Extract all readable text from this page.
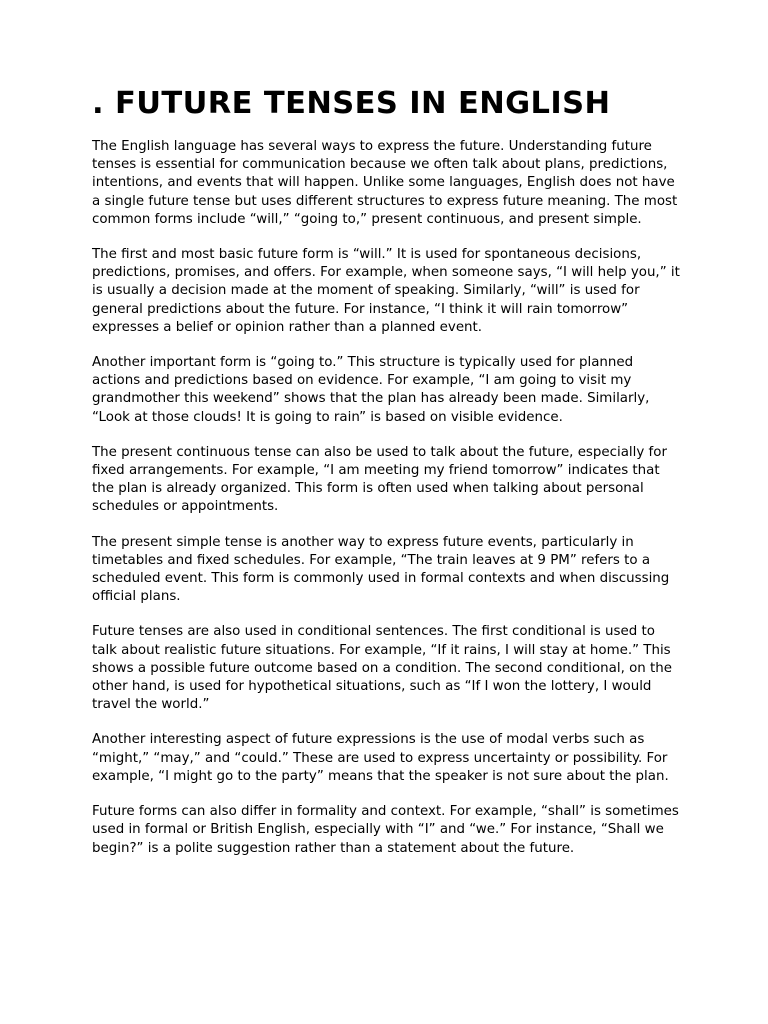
. FUTURE TENSES IN ENGLISH

The English language has several ways to express the future. Understanding future tenses is essential for communication because we often talk about plans, predictions, intentions, and events that will happen. Unlike some languages, English does not have a single future tense but uses different structures to express future meaning. The most common forms include “will,” “going to,” present continuous, and present simple.

The first and most basic future form is “will.” It is used for spontaneous decisions, predictions, promises, and offers. For example, when someone says, “I will help you,” it is usually a decision made at the moment of speaking. Similarly, “will” is used for general predictions about the future. For instance, “I think it will rain tomorrow” expresses a belief or opinion rather than a planned event.

Another important form is “going to.” This structure is typically used for planned actions and predictions based on evidence. For example, “I am going to visit my grandmother this weekend” shows that the plan has already been made. Similarly, “Look at those clouds! It is going to rain” is based on visible evidence.

The present continuous tense can also be used to talk about the future, especially for fixed arrangements. For example, “I am meeting my friend tomorrow” indicates that the plan is already organized. This form is often used when talking about personal schedules or appointments.

The present simple tense is another way to express future events, particularly in timetables and fixed schedules. For example, “The train leaves at 9 PM” refers to a scheduled event. This form is commonly used in formal contexts and when discussing official plans.

Future tenses are also used in conditional sentences. The first conditional is used to talk about realistic future situations. For example, “If it rains, I will stay at home.” This shows a possible future outcome based on a condition. The second conditional, on the other hand, is used for hypothetical situations, such as “If I won the lottery, I would travel the world.”

Another interesting aspect of future expressions is the use of modal verbs such as “might,” “may,” and “could.” These are used to express uncertainty or possibility. For example, “I might go to the party” means that the speaker is not sure about the plan.

Future forms can also differ in formality and context. For example, “shall” is sometimes used in formal or British English, especially with “I” and “we.” For instance, “Shall we begin?” is a polite suggestion rather than a statement about the future.
